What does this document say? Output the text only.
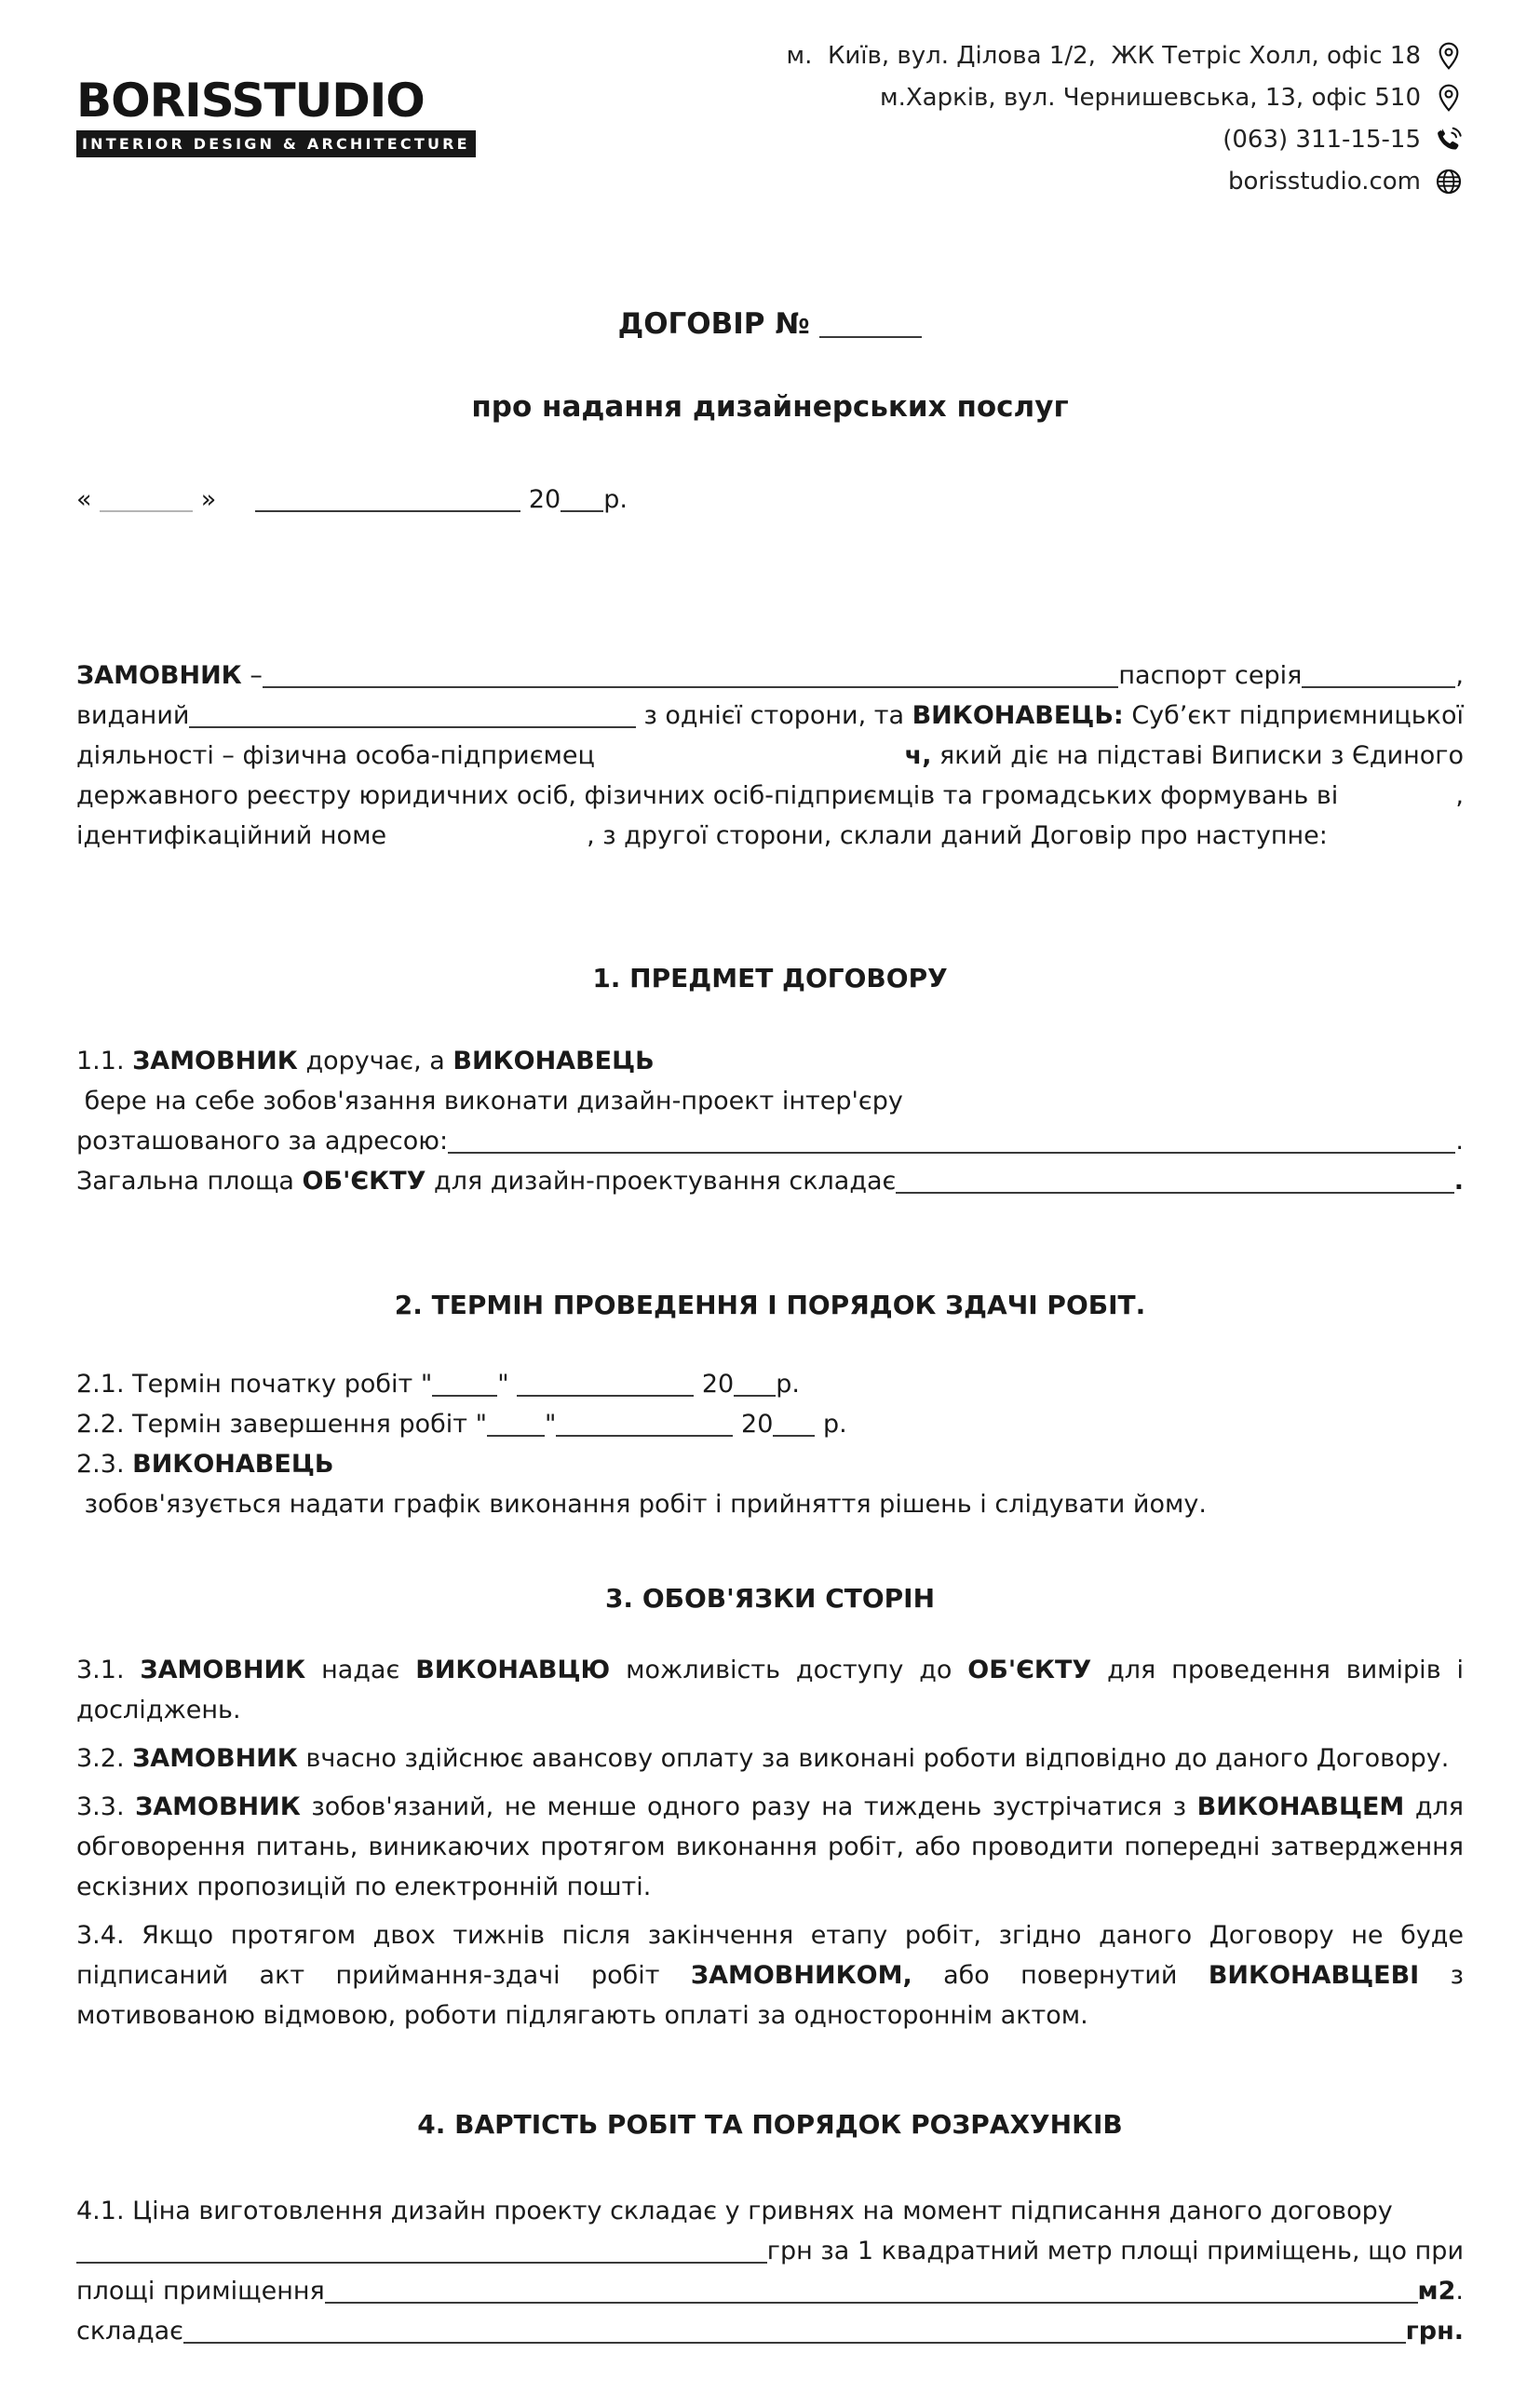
BORISSTUDIO
INTERIOR DESIGN & ARCHITECTURE
м.  Київ, вул. Ділова 1/2,  ЖК Тетріс Холл, офіс 18
м.Харків, вул. Чернишевська, 13, офіс 510
(063) 311-15-15
borisstudio.com
ДОГОВІР №
про надання дизайнерських послуг
«	»	20 р.
ЗАМОВНИК –	паспорт серія	,
виданий	з однієї сторони, та ВИКОНАВЕЦЬ: Суб’єкт підприємницької
діяльності – фізична особа-підприємец	ч, який діє на підставі Виписки з Єдиного
державного реєстру юридичних осіб, фізичних осіб-підприємців та громадських формувань ві	,
ідентифікаційний номе	, з другої сторони, склали даний Договір про наступне:
1. ПРЕДМЕТ ДОГОВОРУ
1.1. ЗАМОВНИК доручає, а ВИКОНАВЕЦЬ
бере на себе зобов'язання виконати дизайн-проект інтер'єру
розташованого за адресою:	.
Загальна площа ОБ'ЄКТУ для дизайн-проектування складає	.
2. ТЕРМІН ПРОВЕДЕННЯ І ПОРЯДОК ЗДАЧІ РОБІТ.
2.1. Термін початку робіт "	"	20 р.
2.2. Термін завершення робіт " "	20 р.
2.3. ВИКОНАВЕЦЬ
зобов'язується надати графік виконання робіт і прийняття рішень і слідувати йому.
3. ОБОВ'ЯЗКИ СТОРІН
3.1. ЗАМОВНИК надає ВИКОНАВЦЮ можливість доступу до ОБ'ЄКТУ для проведення вимірів і досліджень.
3.2. ЗАМОВНИК вчасно здійснює авансову оплату за виконані роботи відповідно до даного Договору.
3.3. ЗАМОВНИК зобов'язаний, не менше одного разу на тиждень зустрічатися з ВИКОНАВЦЕМ для обговорення питань, виникаючих протягом виконання робіт, або проводити попередні затвердження ескізних пропозицій по електронній пошті.
3.4. Якщо протягом двох тижнів після закінчення етапу робіт, згідно даного Договору не буде підписаний акт приймання-здачі робіт ЗАМОВНИКОМ, або повернутий ВИКОНАВЦЕВІ з мотивованою відмовою, роботи підлягають оплаті за одностороннім актом.
4. ВАРТІСТЬ РОБІТ ТА ПОРЯДОК РОЗРАХУНКІВ
4.1. Ціна виготовлення дизайн проекту складає у гривнях на момент підписання даного договору
грн за 1 квадратний метр площі приміщень, що при
площі приміщення	м2 .
складає	грн.
